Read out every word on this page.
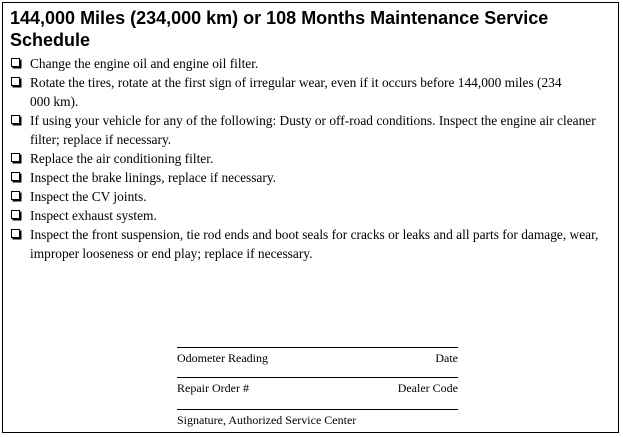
144,000 Miles (234,000 km) or 108 Months Maintenance Service Schedule
Change the engine oil and engine oil filter.
Rotate the tires, rotate at the first sign of irregular wear, even if it occurs before 144,000 miles (234 000 km).
If using your vehicle for any of the following: Dusty or off-road conditions. Inspect the engine air cleaner filter; replace if necessary.
Replace the air conditioning filter.
Inspect the brake linings, replace if necessary.
Inspect the CV joints.
Inspect exhaust system.
Inspect the front suspension, tie rod ends and boot seals for cracks or leaks and all parts for damage, wear, improper looseness or end play; replace if necessary.
Odometer Reading	Date
Repair Order #	Dealer Code
Signature, Authorized Service Center
